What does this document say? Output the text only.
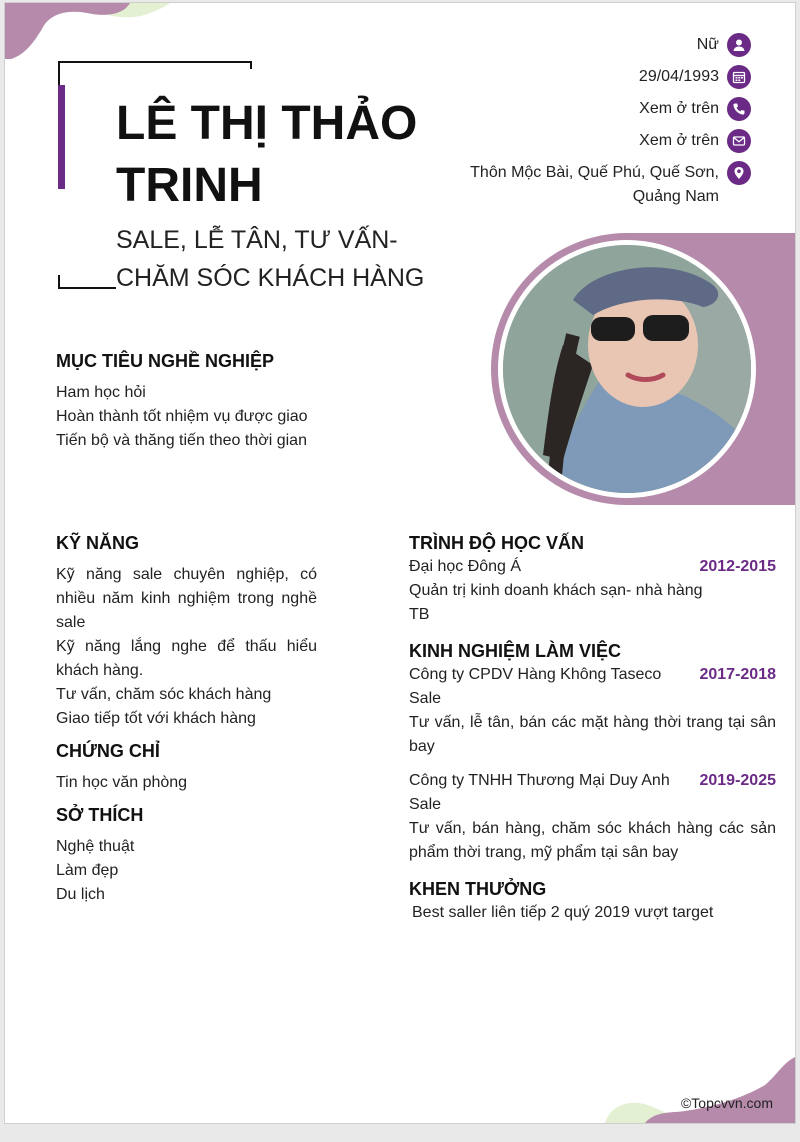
LÊ THỊ THẢO TRINH
SALE, LỄ TÂN, TƯ VẤN-CHĂM SÓC KHÁCH HÀNG
Nữ
29/04/1993
Xem ở trên
Xem ở trên
Thôn Mộc Bài, Quế Phú, Quế Sơn, Quảng Nam
MỤC TIÊU NGHỀ NGHIỆP
Ham học hỏi
Hoàn thành tốt nhiệm vụ được giao
Tiến bộ và thăng tiến theo thời gian
KỸ NĂNG
Kỹ năng sale chuyên nghiệp, có nhiều năm kinh nghiệm trong nghề sale
Kỹ năng lắng nghe để thấu hiểu khách hàng.
Tư vấn, chăm sóc khách hàng
Giao tiếp tốt với khách hàng
CHỨNG CHỈ
Tin học văn phòng
SỞ THÍCH
Nghệ thuật
Làm đẹp
Du lịch
TRÌNH ĐỘ HỌC VẤN
Đại học Đông Á	2012-2015
Quản trị kinh doanh khách sạn- nhà hàng
TB
KINH NGHIỆM LÀM VIỆC
Công ty CPDV Hàng Không Taseco 2017-2018
Sale
Tư vấn, lễ tân, bán các mặt hàng thời trang tại sân bay
Công ty TNHH Thương Mại Duy Anh 2019-2025
Sale
Tư vấn, bán hàng, chăm sóc khách hàng các sản phẩm thời trang, mỹ phẩm tại sân bay
KHEN THƯỞNG
Best saller liên tiếp 2 quý 2019 vượt target
©Topcvvn.com
